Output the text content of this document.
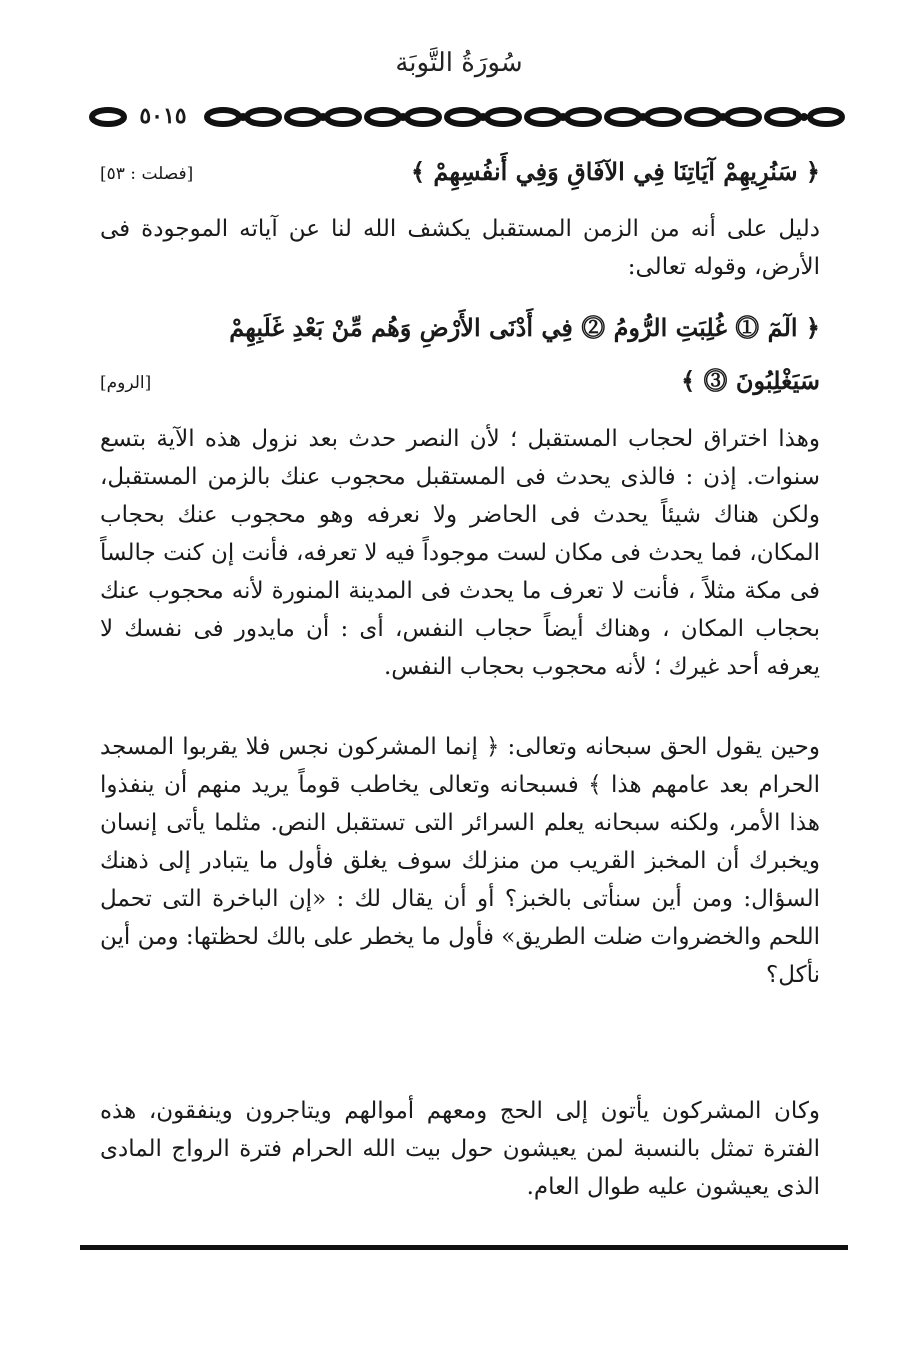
سُورَةُ التَّوبَة
٥٠١٥
﴿ سَنُرِيهِمْ آيَاتِنَا فِي الآفَاقِ وَفِي أَنفُسِهِمْ ﴾
[فصلت : ٥٣]
دليل على أنه من الزمن المستقبل يكشف الله لنا عن آياته الموجودة فى الأرض، وقوله تعالى:
﴿ الٓمٓ ⓵ غُلِبَتِ الرُّومُ ⓶ فِي أَدْنَى الأَرْضِ وَهُم مِّنْ بَعْدِ غَلَبِهِمْ
سَيَغْلِبُونَ ⓷ ﴾
[الروم]
وهذا اختراق لحجاب المستقبل ؛ لأن النصر حدث بعد نزول هذه الآية بتسع سنوات. إذن : فالذى يحدث فى المستقبل محجوب عنك بالزمن المستقبل، ولكن هناك شيئاً يحدث فى الحاضر ولا نعرفه وهو محجوب عنك بحجاب المكان، فما يحدث فى مكان لست موجوداً فيه لا تعرفه، فأنت إن كنت جالساً فى مكة مثلاً ، فأنت لا تعرف ما يحدث فى المدينة المنورة لأنه محجوب عنك بحجاب المكان ، وهناك أيضاً حجاب النفس، أى : أن مايدور فى نفسك لا يعرفه أحد غيرك ؛ لأنه محجوب بحجاب النفس.
وحين يقول الحق سبحانه وتعالى: ﴿ إنما المشركون نجس فلا يقربوا المسجد الحرام بعد عامهم هذا ﴾ فسبحانه وتعالى يخاطب قوماً يريد منهم أن ينفذوا هذا الأمر، ولكنه سبحانه يعلم السرائر التى تستقبل النص. مثلما يأتى إنسان ويخبرك أن المخبز القريب من منزلك سوف يغلق فأول ما يتبادر إلى ذهنك السؤال: ومن أين سنأتى بالخبز؟ أو أن يقال لك : «إن الباخرة التى تحمل اللحم والخضروات ضلت الطريق» فأول ما يخطر على بالك لحظتها: ومن أين نأكل؟
وكان المشركون يأتون إلى الحج ومعهم أموالهم ويتاجرون وينفقون، هذه الفترة تمثل بالنسبة لمن يعيشون حول بيت الله الحرام فترة الرواج المادى الذى يعيشون عليه طوال العام.
